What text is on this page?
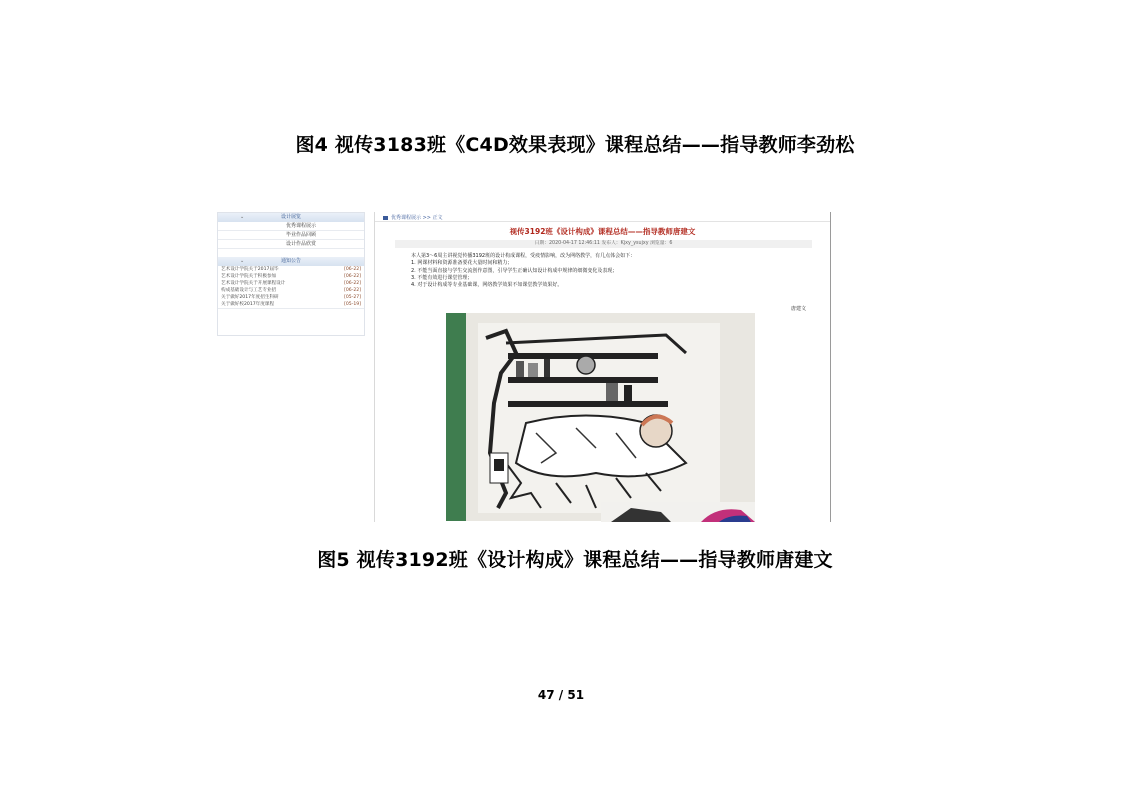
图4 视传3183班《C4D效果表现》课程总结——指导教师李劲松
⌄	设计展览
优秀课程展示
毕业作品回顾
设计作品欣赏
⌄	通知公告
艺术设计学院关于2017届毕	[06-22]
艺术设计学院关于积极参加	[06-22]
艺术设计学院关于开展课程设计	[06-22]
构成基础设计与工艺专业招	[06-22]
关于做好2017年度招生科研	[05-27]
关于做好校2017年度课程	[05-19]
优秀课程展示 >> 正文
视传3192班《设计构成》课程总结——指导教师唐建文
日期：2020-04-17 12:46:11 发布人：Kjxy_ysujxy 浏览量：6
本人第3～6周主讲视觉传播3192班的设计构成课程，受疫情影响，改为网络教学，有几点体会如下：
1. 网课材料和资源准备要花大量时间和精力；
2. 不能当面直接与学生交流创作意图，引导学生正确认知设计构成中规律的细微变化及表现；
3. 不能有效进行课堂管理；
4. 对于设计构成等专业基础课，网络教学效果不如课堂教学效果好。
唐建文
图5 视传3192班《设计构成》课程总结——指导教师唐建文
47 / 51
